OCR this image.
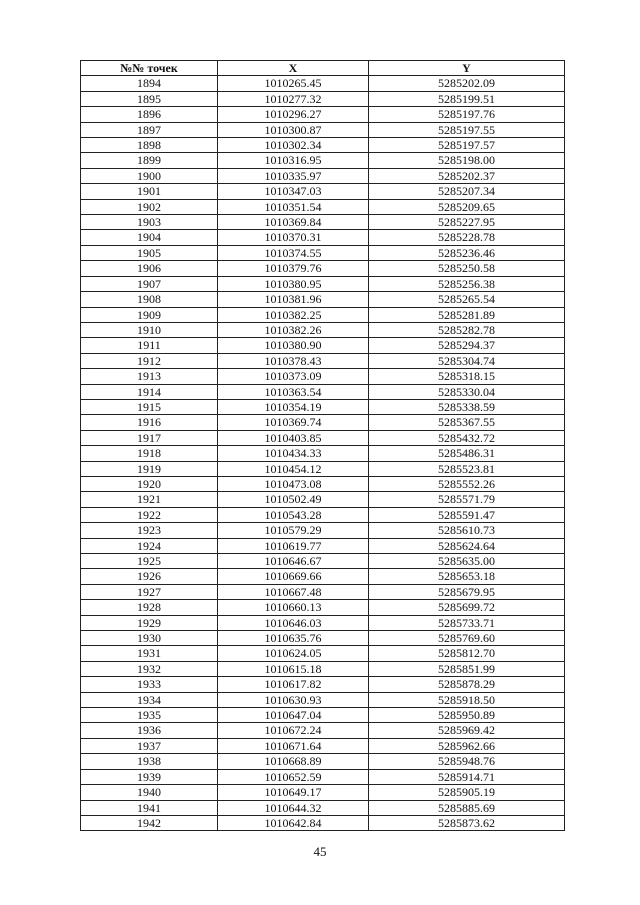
№№ точек	X	Y
1894	1010265.45	5285202.09
1895	1010277.32	5285199.51
1896	1010296.27	5285197.76
1897	1010300.87	5285197.55
1898	1010302.34	5285197.57
1899	1010316.95	5285198.00
1900	1010335.97	5285202.37
1901	1010347.03	5285207.34
1902	1010351.54	5285209.65
1903	1010369.84	5285227.95
1904	1010370.31	5285228.78
1905	1010374.55	5285236.46
1906	1010379.76	5285250.58
1907	1010380.95	5285256.38
1908	1010381.96	5285265.54
1909	1010382.25	5285281.89
1910	1010382.26	5285282.78
1911	1010380.90	5285294.37
1912	1010378.43	5285304.74
1913	1010373.09	5285318.15
1914	1010363.54	5285330.04
1915	1010354.19	5285338.59
1916	1010369.74	5285367.55
1917	1010403.85	5285432.72
1918	1010434.33	5285486.31
1919	1010454.12	5285523.81
1920	1010473.08	5285552.26
1921	1010502.49	5285571.79
1922	1010543.28	5285591.47
1923	1010579.29	5285610.73
1924	1010619.77	5285624.64
1925	1010646.67	5285635.00
1926	1010669.66	5285653.18
1927	1010667.48	5285679.95
1928	1010660.13	5285699.72
1929	1010646.03	5285733.71
1930	1010635.76	5285769.60
1931	1010624.05	5285812.70
1932	1010615.18	5285851.99
1933	1010617.82	5285878.29
1934	1010630.93	5285918.50
1935	1010647.04	5285950.89
1936	1010672.24	5285969.42
1937	1010671.64	5285962.66
1938	1010668.89	5285948.76
1939	1010652.59	5285914.71
1940	1010649.17	5285905.19
1941	1010644.32	5285885.69
1942	1010642.84	5285873.62
45
